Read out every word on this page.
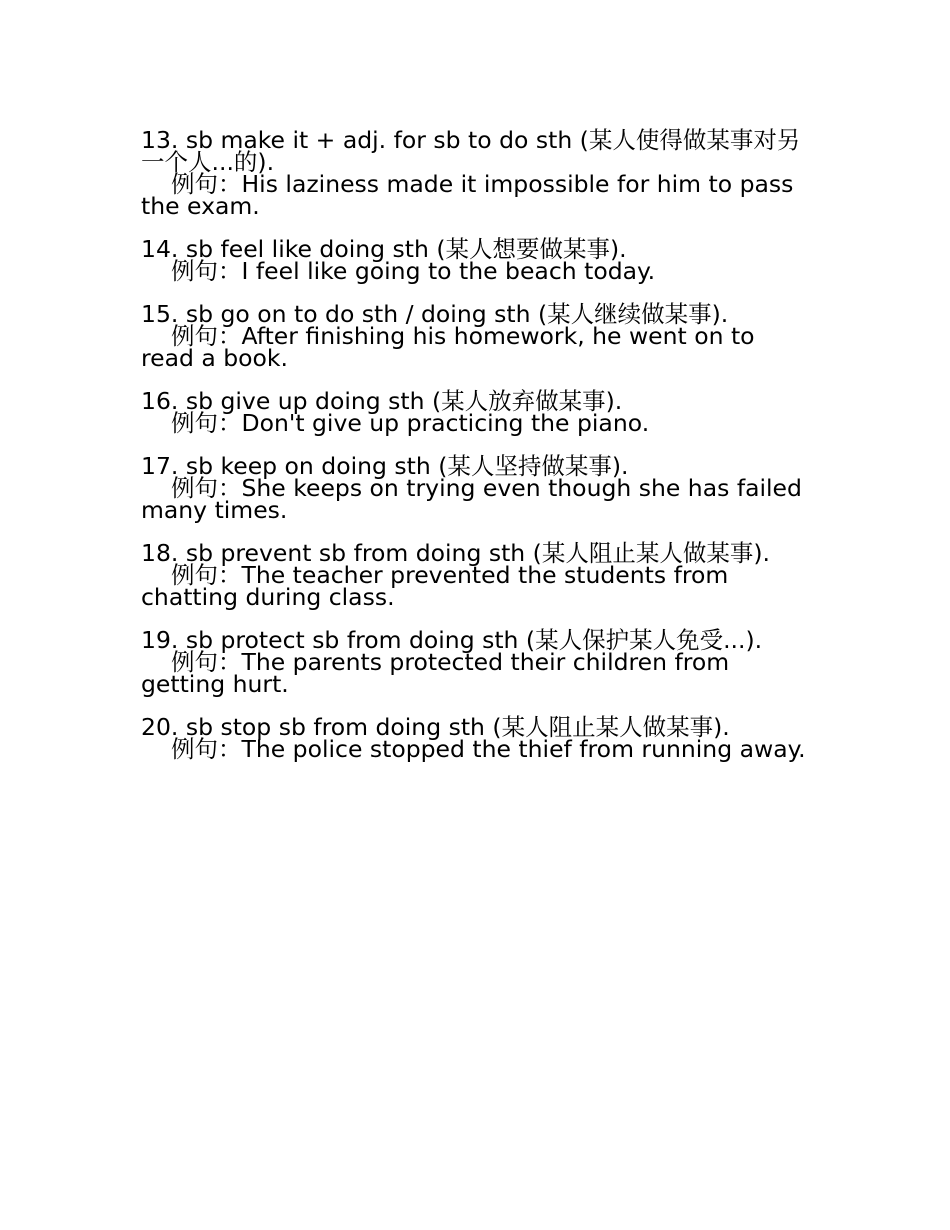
13. sb make it + adj. for sb to do sth (某人使得做某事对另一个人...的).

例句：His laziness made it impossible for him to pass the exam.

14. sb feel like doing sth (某人想要做某事).

例句：I feel like going to the beach today.

15. sb go on to do sth / doing sth (某人继续做某事).

例句：After finishing his homework, he went on to read a book.

16. sb give up doing sth (某人放弃做某事).

例句：Don't give up practicing the piano.

17. sb keep on doing sth (某人坚持做某事).

例句：She keeps on trying even though she has failed many times.

18. sb prevent sb from doing sth (某人阻止某人做某事).

例句：The teacher prevented the students from chatting during class.

19. sb protect sb from doing sth (某人保护某人免受...).

例句：The parents protected their children from getting hurt.

20. sb stop sb from doing sth (某人阻止某人做某事).

例句：The police stopped the thief from running away.
